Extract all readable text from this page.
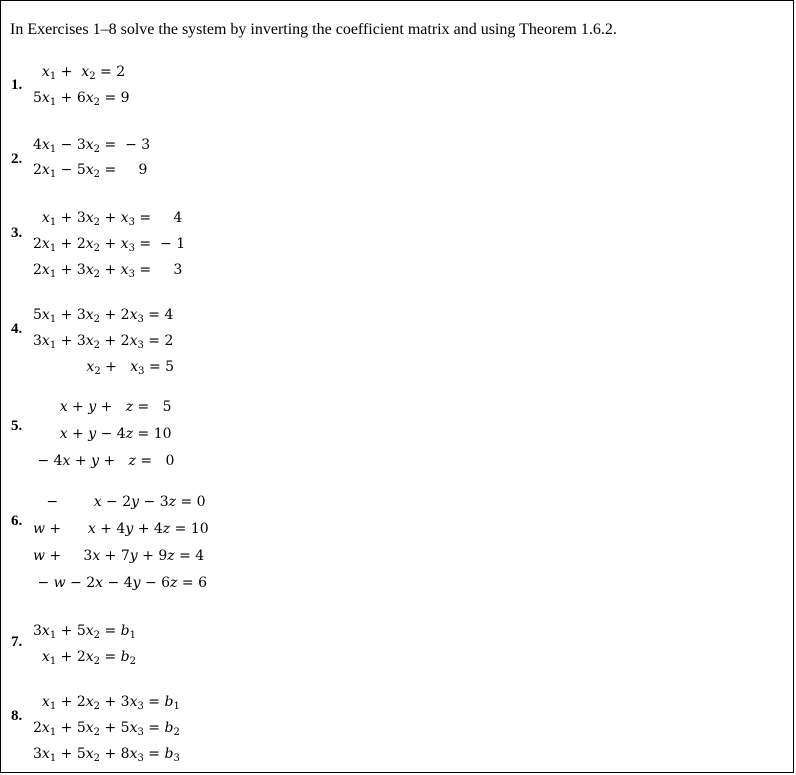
In Exercises 1–8 solve the system by inverting the coefficient matrix and using Theorem 1.6.2.
1.
$x_1 + x_2 = 2$
$5x_1 + 6x_2 = 9$
2.
$4x_1 - 3x_2$ =  − 3
$2x_1 - 5x_2$ =     9
3.
$x_1 + 3x_2 + x_3$ =     4
$2x_1 + 2x_2 + x_3$ =  − 1
$2x_1 + 3x_2 + x_3$ =     3
4.
$5x_1 + 3x_2 + 2x_3 = 4$
$3x_1 + 3x_2 + 2x_3 = 2$
$x_2 + x_3 = 5$
5.
x + y +   z =   5
x + y − 4z = 10
− 4x + y +   z =   0
6.
−        x − 2y − 3z = 0
w +      x + 4y + 4z = 10
w +     3x + 7y + 9z = 4
− w − 2x − 4y − 6z = 6
7.
$3x_1 + 5x_2 = b_1$
$x_1 + 2x_2 = b_2$
8.
$x_1 + 2x_2 + 3x_3 = b_1$
$2x_1 + 5x_2 + 5x_3 = b_2$
$3x_1 + 5x_2 + 8x_3 = b_3$
